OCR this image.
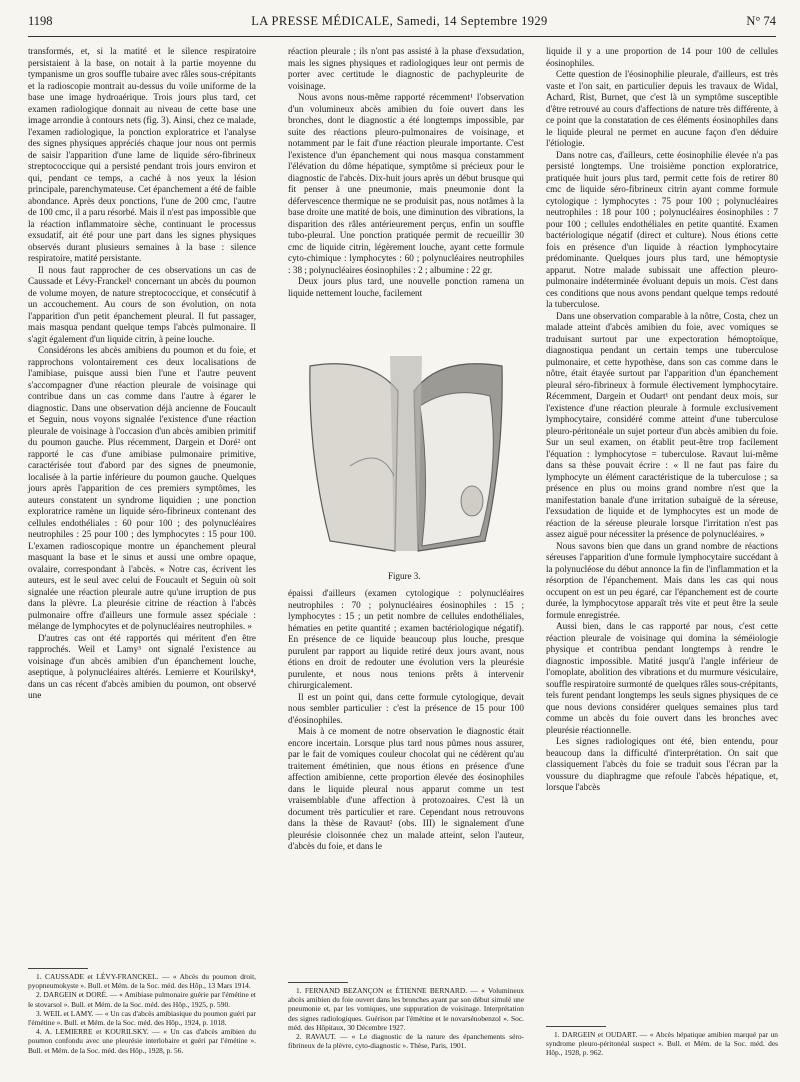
1198	LA PRESSE MÉDICALE, Samedi, 14 Septembre 1929	N° 74

transformés, et, si la matité et le silence respiratoire persistaient à la base, on notait à la partie moyenne du tympanisme un gros souffle tubaire avec râles sous-crépitants et la radioscopie montrait au-dessus du voile uniforme de la base une image hydroaérique. Trois jours plus tard, cet examen radiologique donnait au niveau de cette base une image arrondie à contours nets (fig. 3). Ainsi, chez ce malade, l'examen radiologique, la ponction exploratrice et l'analyse des signes physiques appréciés chaque jour nous ont permis de saisir l'apparition d'une lame de liquide séro-fibrineux streptococcique qui a persisté pendant trois jours environ et qui, pendant ce temps, a caché à nos yeux la lésion principale, parenchymateuse. Cet épanchement a été de faible abondance. Après deux ponctions, l'une de 200 cmc, l'autre de 100 cmc, il a paru résorbé. Mais il n'est pas impossible que la réaction inflammatoire sèche, continuant le processus exsudatif, ait été pour une part dans les signes physiques observés durant plusieurs semaines à la base : silence respiratoire, matité persistante.

Il nous faut rapprocher de ces observations un cas de Caussade et Lévy-Franckel¹ concernant un abcès du poumon de volume moyen, de nature streptococcique, et consécutif à un accouchement. Au cours de son évolution, on nota l'apparition d'un petit épanchement pleural. Il fut passager, mais masqua pendant quelque temps l'abcès pulmonaire. Il s'agit également d'un liquide citrin, à peine louche.

Considérons les abcès amibiens du poumon et du foie, et rapprochons volontairement ces deux localisations de l'amibiase, puisque aussi bien l'une et l'autre peuvent s'accompagner d'une réaction pleurale de voisinage qui contribue dans un cas comme dans l'autre à égarer le diagnostic. Dans une observation déjà ancienne de Foucault et Seguin, nous voyons signalée l'existence d'une réaction pleurale de voisinage à l'occasion d'un abcès amibien primitif du poumon gauche. Plus récemment, Dargein et Doré² ont rapporté le cas d'une amibiase pulmonaire primitive, caractérisée tout d'abord par des signes de pneumonie, localisée à la partie inférieure du poumon gauche. Quelques jours après l'apparition de ces premiers symptômes, les auteurs constatent un syndrome liquidien ; une ponction exploratrice ramène un liquide séro-fibrineux contenant des cellules endothéliales : 60 pour 100 ; des polynucléaires neutrophiles : 25 pour 100 ; des lymphocytes : 15 pour 100. L'examen radioscopique montre un épanchement pleural masquant la base et le sinus et aussi une ombre opaque, ovalaire, correspondant à l'abcès. « Notre cas, écrivent les auteurs, est le seul avec celui de Foucault et Seguin où soit signalée une réaction pleurale autre qu'une irruption de pus dans la plèvre. La pleurésie citrine de réaction à l'abcès pulmonaire offre d'ailleurs une formule assez spéciale : mélange de lymphocytes et de polynucléaires neutrophiles. »

D'autres cas ont été rapportés qui méritent d'en être rapprochés. Weil et Lamy³ ont signalé l'existence au voisinage d'un abcès amibien d'un épanchement louche, aseptique, à polynucléaires altérés. Lemierre et Kourilsky⁴, dans un cas récent d'abcès amibien du poumon, ont observé une

réaction pleurale ; ils n'ont pas assisté à la phase d'exsudation, mais les signes physiques et radiologiques leur ont permis de porter avec certitude le diagnostic de pachypleurite de voisinage.

Nous avons nous-même rapporté récemment¹ l'observation d'un volumineux abcès amibien du foie ouvert dans les bronches, dont le diagnostic a été longtemps impossible, par suite des réactions pleuro-pulmonaires de voisinage, et notamment par le fait d'une réaction pleurale importante. C'est l'existence d'un épanchement qui nous masqua constamment l'élévation du dôme hépatique, symptôme si précieux pour le diagnostic de l'abcès. Dix-huit jours après un début brusque qui fit penser à une pneumonie, mais pneumonie dont la défervescence thermique ne se produisit pas, nous notâmes à la base droite une matité de bois, une diminution des vibrations, la disparition des râles antérieurement perçus, enfin un souffle tubo-pleural. Une ponction pratiquée permit de recueillir 30 cmc de liquide citrin, légèrement louche, ayant cette formule cyto-chimique : lymphocytes : 60 ; polynucléaires neutrophiles : 38 ; polynucléaires éosinophiles : 2 ; albumine : 22 gr.

Deux jours plus tard, une nouvelle ponction ramena un liquide nettement louche, facilement

Figure 3.

épaissi d'ailleurs (examen cytologique : polynucléaires neutrophiles : 70 ; polynucléaires éosinophiles : 15 ; lymphocytes : 15 ; un petit nombre de cellules endothéliales, hématies en petite quantité ; examen bactériologique négatif). En présence de ce liquide beaucoup plus louche, presque purulent par rapport au liquide retiré deux jours avant, nous étions en droit de redouter une évolution vers la pleurésie purulente, et nous nous tenions prêts à intervenir chirurgicalement.

Il est un point qui, dans cette formule cytologique, devait nous sembler particulier : c'est la présence de 15 pour 100 d'éosinophiles.

Mais à ce moment de notre observation le diagnostic était encore incertain. Lorsque plus tard nous pûmes nous assurer, par le fait de vomiques couleur chocolat qui ne cédèrent qu'au traitement émétinien, que nous étions en présence d'une affection amibienne, cette proportion élevée des éosinophiles dans le liquide pleural nous apparut comme un test vraisemblable d'une affection à protozoaires. C'est là un document très particulier et rare. Cependant nous retrouvons dans la thèse de Ravaut² (obs. III) le signalement d'une pleurésie cloisonnée chez un malade atteint, selon l'auteur, d'abcès du foie, et dans le

liquide il y a une proportion de 14 pour 100 de cellules éosinophiles.

Cette question de l'éosinophilie pleurale, d'ailleurs, est très vaste et l'on sait, en particulier depuis les travaux de Widal, Achard, Rist, Burnet, que c'est là un symptôme susceptible d'être retrouvé au cours d'affections de nature très différente, à ce point que la constatation de ces éléments éosinophiles dans le liquide pleural ne permet en aucune façon d'en déduire l'étiologie.

Dans notre cas, d'ailleurs, cette éosinophilie élevée n'a pas persisté longtemps. Une troisième ponction exploratrice, pratiquée huit jours plus tard, permit cette fois de retirer 80 cmc de liquide séro-fibrineux citrin ayant comme formule cytologique : lymphocytes : 75 pour 100 ; polynucléaires neutrophiles : 18 pour 100 ; polynucléaires éosinophiles : 7 pour 100 ; cellules endothéliales en petite quantité. Examen bactériologique négatif (direct et culture). Nous étions cette fois en présence d'un liquide à réaction lymphocytaire prédominante. Quelques jours plus tard, une hémoptysie apparut. Notre malade subissait une affection pleuro-pulmonaire indéterminée évoluant depuis un mois. C'est dans ces conditions que nous avons pendant quelque temps redouté la tuberculose.

Dans une observation comparable à la nôtre, Costa, chez un malade atteint d'abcès amibien du foie, avec vomiques se traduisant surtout par une expectoration hémoptoïque, diagnostiqua pendant un certain temps une tuberculose pulmonaire, et cette hypothèse, dans son cas comme dans le nôtre, était étayée surtout par l'apparition d'un épanchement pleural séro-fibrineux à formule électivement lymphocytaire. Récemment, Dargein et Oudart¹ ont pendant deux mois, sur l'existence d'une réaction pleurale à formule exclusivement lymphocytaire, considéré comme atteint d'une tuberculose pleuro-péritonéale un sujet porteur d'un abcès amibien du foie. Sur un seul examen, on établit peut-être trop facilement l'équation : lymphocytose = tuberculose. Ravaut lui-même dans sa thèse pouvait écrire : « Il ne faut pas faire du lymphocyte un élément caractéristique de la tuberculose ; sa présence en plus ou moins grand nombre n'est que la manifestation banale d'une irritation subaiguë de la séreuse, l'exsudation de liquide et de lymphocytes est un mode de réaction de la séreuse pleurale lorsque l'irritation n'est pas assez aiguë pour nécessiter la présence de polynucléaires. »

Nous savons bien que dans un grand nombre de réactions séreuses l'apparition d'une formule lymphocytaire succédant à la polynucléose du début annonce la fin de l'inflammation et la résorption de l'épanchement. Mais dans les cas qui nous occupent on est un peu égaré, car l'épanchement est de courte durée, la lymphocytose apparaît très vite et peut être la seule formule enregistrée.

Aussi bien, dans le cas rapporté par nous, c'est cette réaction pleurale de voisinage qui domina la séméiologie physique et contribua pendant longtemps à rendre le diagnostic impossible. Matité jusqu'à l'angle inférieur de l'omoplate, abolition des vibrations et du murmure vésiculaire, souffle respiratoire surmonté de quelques râles sous-crépitants, tels furent pendant longtemps les seuls signes physiques de ce que nous devions considérer quelques semaines plus tard comme un abcès du foie ouvert dans les bronches avec pleurésie réactionnelle.

Les signes radiologiques ont été, bien entendu, pour beaucoup dans la difficulté d'interprétation. On sait que classiquement l'abcès du foie se traduit sous l'écran par la voussure du diaphragme que refoule l'abcès hépatique, et, lorsque l'abcès

1. CAUSSADE et LÉVY-FRANCKEL. — « Abcès du poumon droit, pyopneumokyste ». Bull. et Mém. de la Soc. méd. des Hôp., 13 Mars 1914.

2. DARGEIN et DORÉ. — « Amibiase pulmonaire guérie par l'émétine et le stovarsol ». Bull. et Mém. de la Soc. méd. des Hôp., 1925, p. 590.

3. WEIL et LAMY. — « Un cas d'abcès amibiasique du poumon guéri par l'émétine ». Bull. et Mém. de la Soc. méd. des Hôp., 1924, p. 1018.

4. A. LEMIERRE et KOURILSKY. — « Un cas d'abcès amibien du poumon confondu avec une pleurésie interlobaire et guéri par l'émétine ». Bull. et Mém. de la Soc. méd. des Hôp., 1928, p. 56.

1. FERNAND BEZANÇON et ÉTIENNE BERNARD. — « Volumineux abcès amibien du foie ouvert dans les bronches ayant par son début simulé une pneumonie et, par les vomiques, une suppuration de voisinage. Interprétation des signes radiologiques. Guérison par l'émétine et le novarsénobenzol ». Soc. méd. des Hôpitaux, 30 Décembre 1927.

2. RAVAUT. — « Le diagnostic de la nature des épanchements séro-fibrineux de la plèvre, cyto-diagnostic ». Thèse, Paris, 1901.

1. DARGEIN et OUDART. — « Abcès hépatique amibien marqué par un syndrome pleuro-péritonéal suspect ». Bull. et Mém. de la Soc. méd. des Hôp., 1928, p. 962.
